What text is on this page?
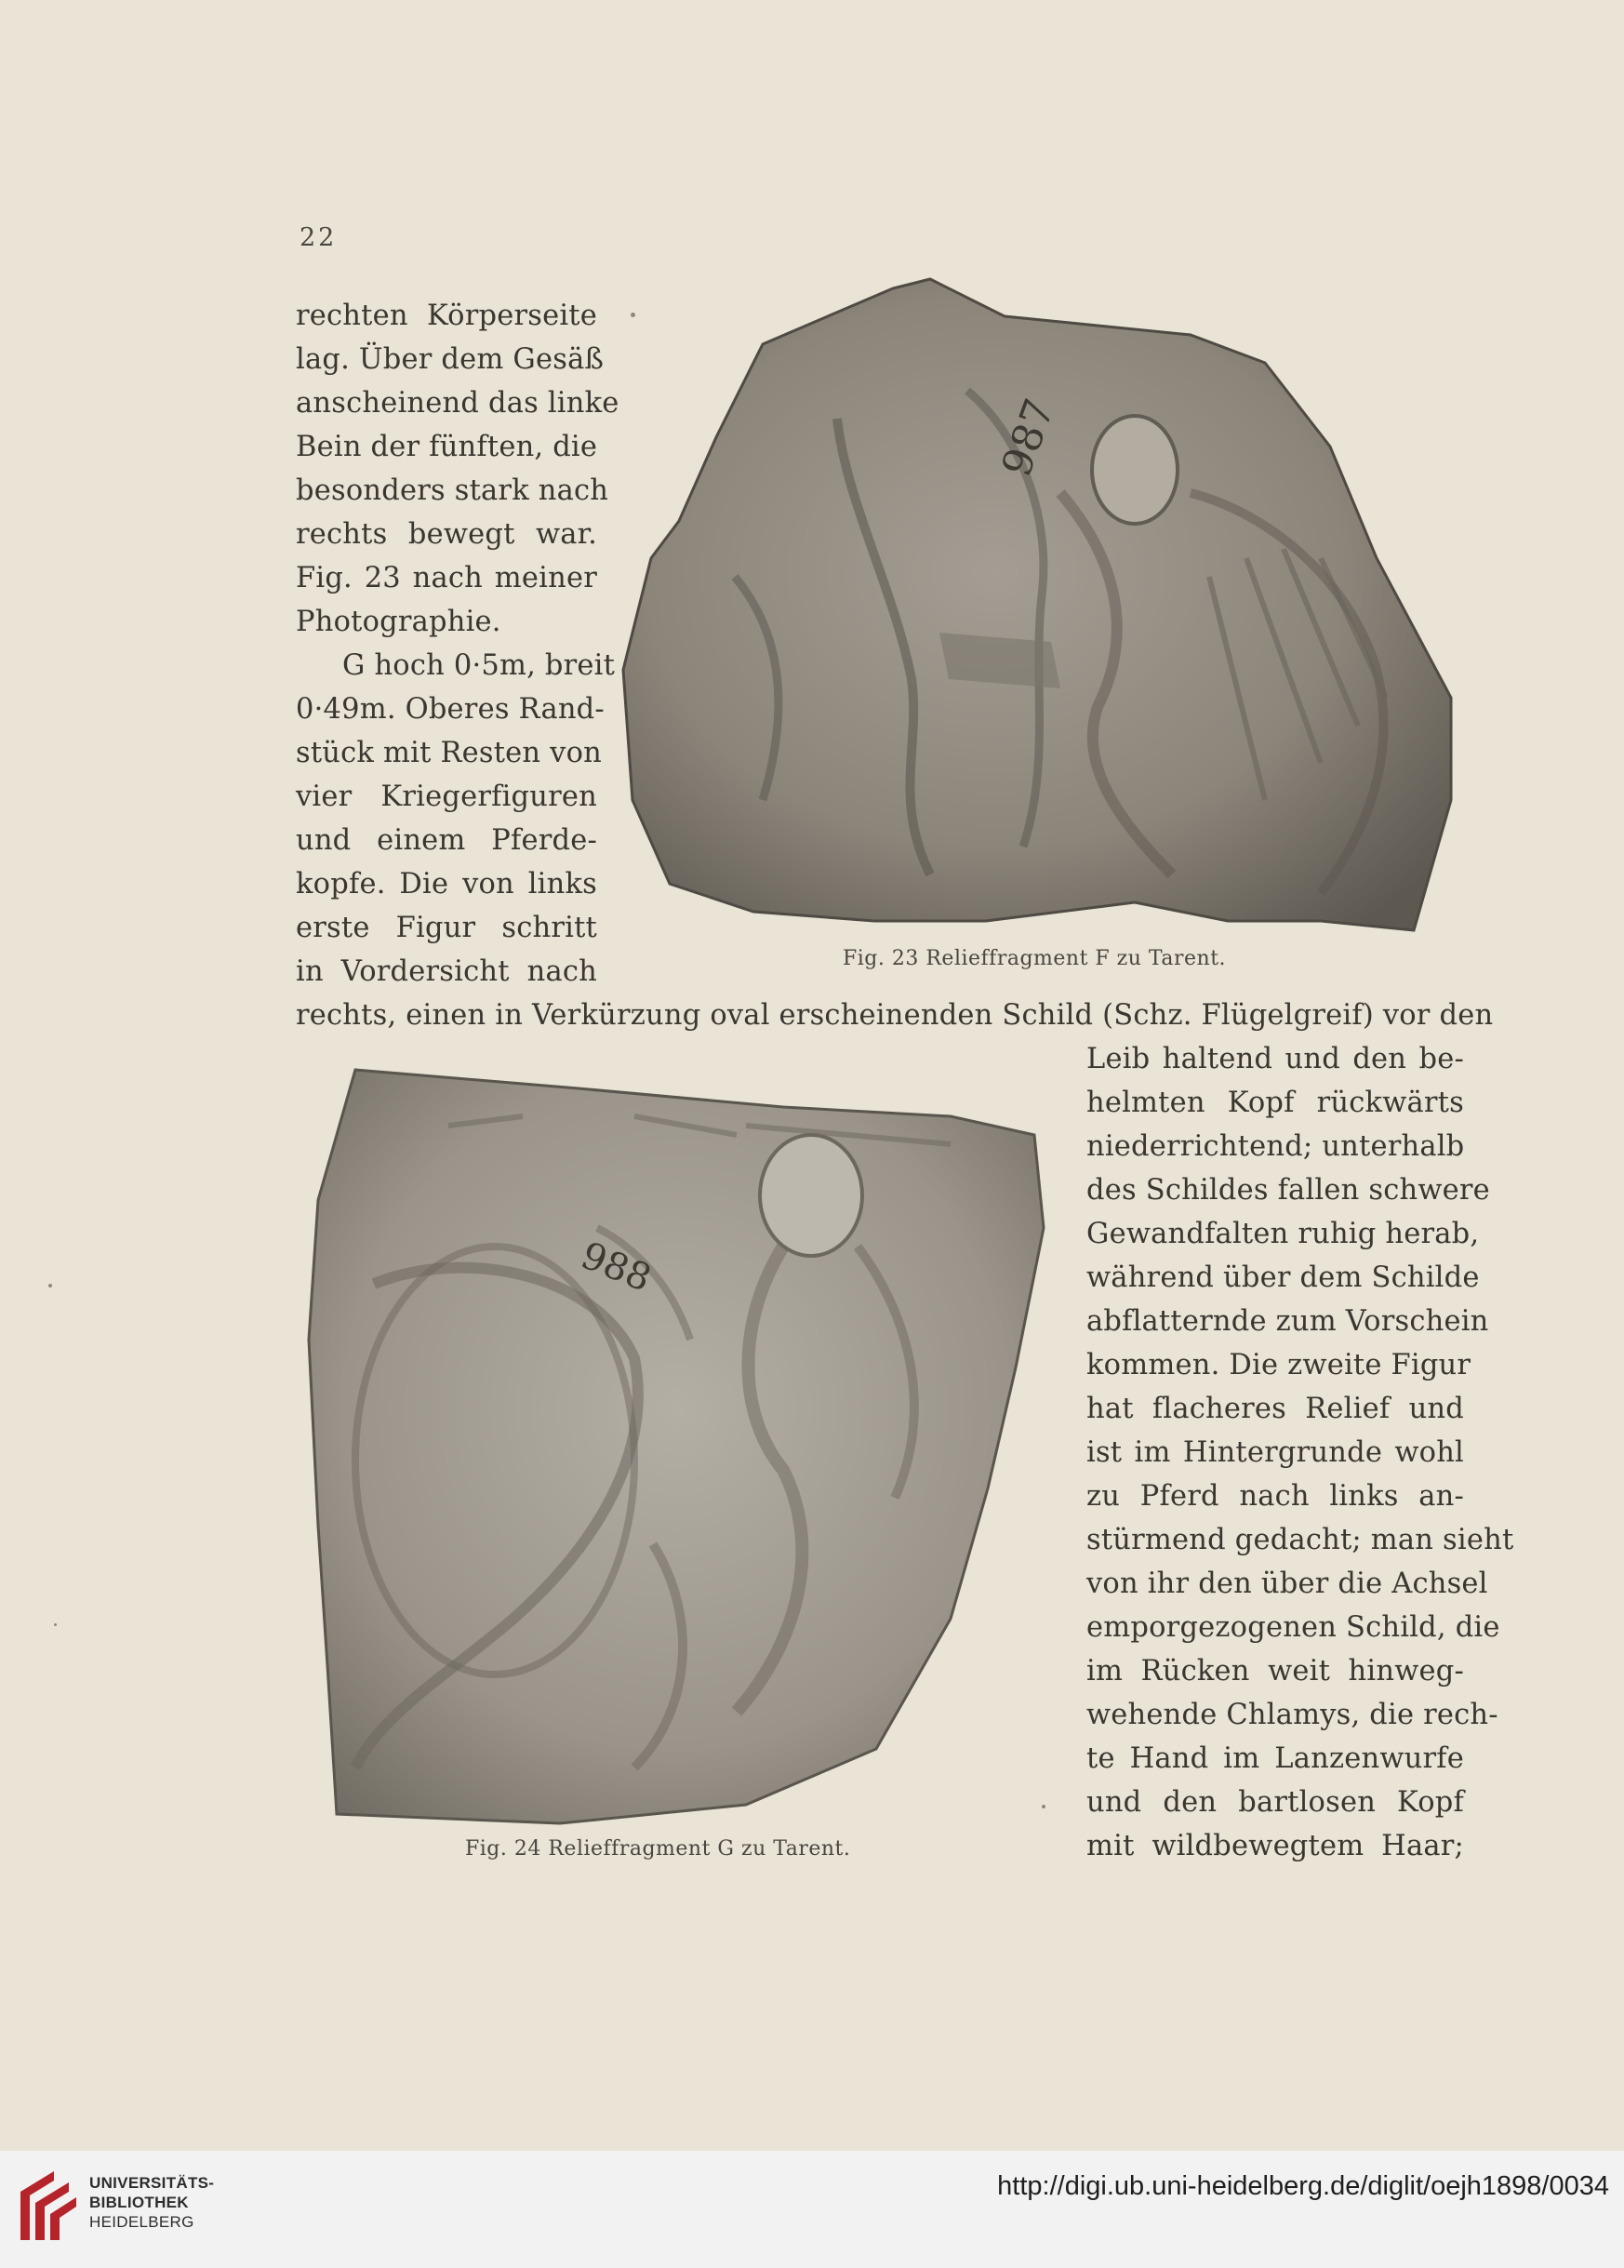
22
rechten Körperseite
lag. Über dem Gesäß
anscheinend das linke
Bein der fünften, die
besonders stark nach
rechts bewegt war.
Fig. 23 nach meiner
Photographie.
G hoch 0·5m, breit
0·49m. Oberes Rand-
stück mit Resten von
vier Kriegerfiguren
und einem Pferde-
kopfe. Die von links
erste Figur schritt
in Vordersicht nach
rechts, einen in Verkürzung oval erscheinenden Schild (Schz. Flügelgreif) vor den
Leib haltend und den be-
helmten Kopf rückwärts
niederrichtend; unterhalb
des Schildes fallen schwere
Gewandfalten ruhig herab,
während über dem Schilde
abflatternde zum Vorschein
kommen. Die zweite Figur
hat flacheres Relief und
ist im Hintergrunde wohl
zu Pferd nach links an-
stürmend gedacht; man sieht
von ihr den über die Achsel
emporgezogenen Schild, die
im Rücken weit hinweg-
wehende Chlamys, die rech-
te Hand im Lanzenwurfe
und den bartlosen Kopf
mit wildbewegtem Haar;
987
Fig. 23 Relieffragment F zu Tarent.
988
Fig. 24 Relieffragment G zu Tarent.
UNIVERSITÄTS-
BIBLIOTHEK
HEIDELBERG
http://digi.ub.uni-heidelberg.de/diglit/oejh1898/0034
